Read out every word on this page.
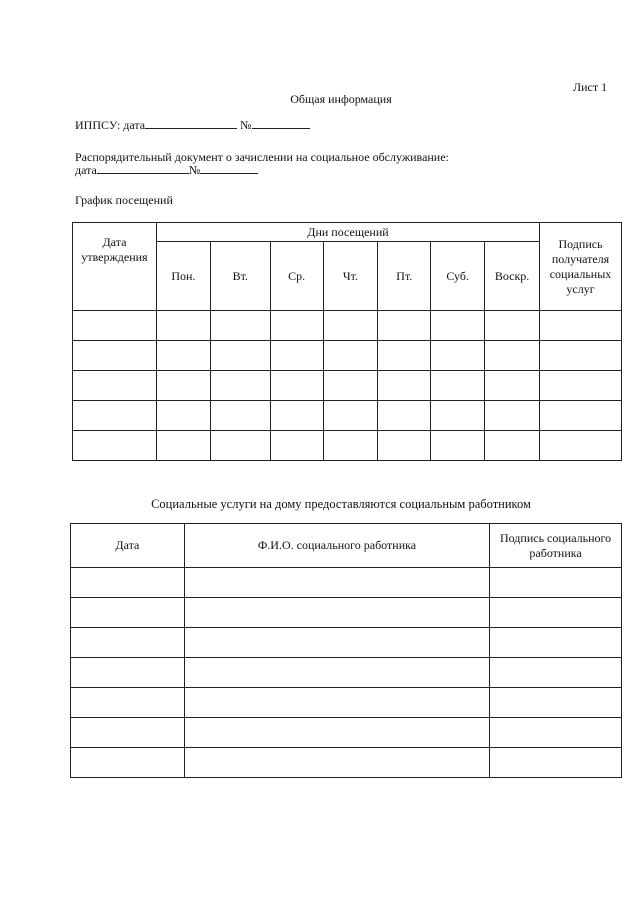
Лист 1
Общая информация
ИППСУ: дата	№
Распорядительный документ о зачислении на социальное обслуживание:
дата	№
График посещений
Дата утверждения	Дни посещений							Подпись получателя социальных услуг
	Пон.	Вт.	Ср.	Чт.	Пт.	Суб.	Воскр.	

Социальные услуги на дому предоставляются социальным работником
Дата	Ф.И.О. социального работника	Подпись социального работника
